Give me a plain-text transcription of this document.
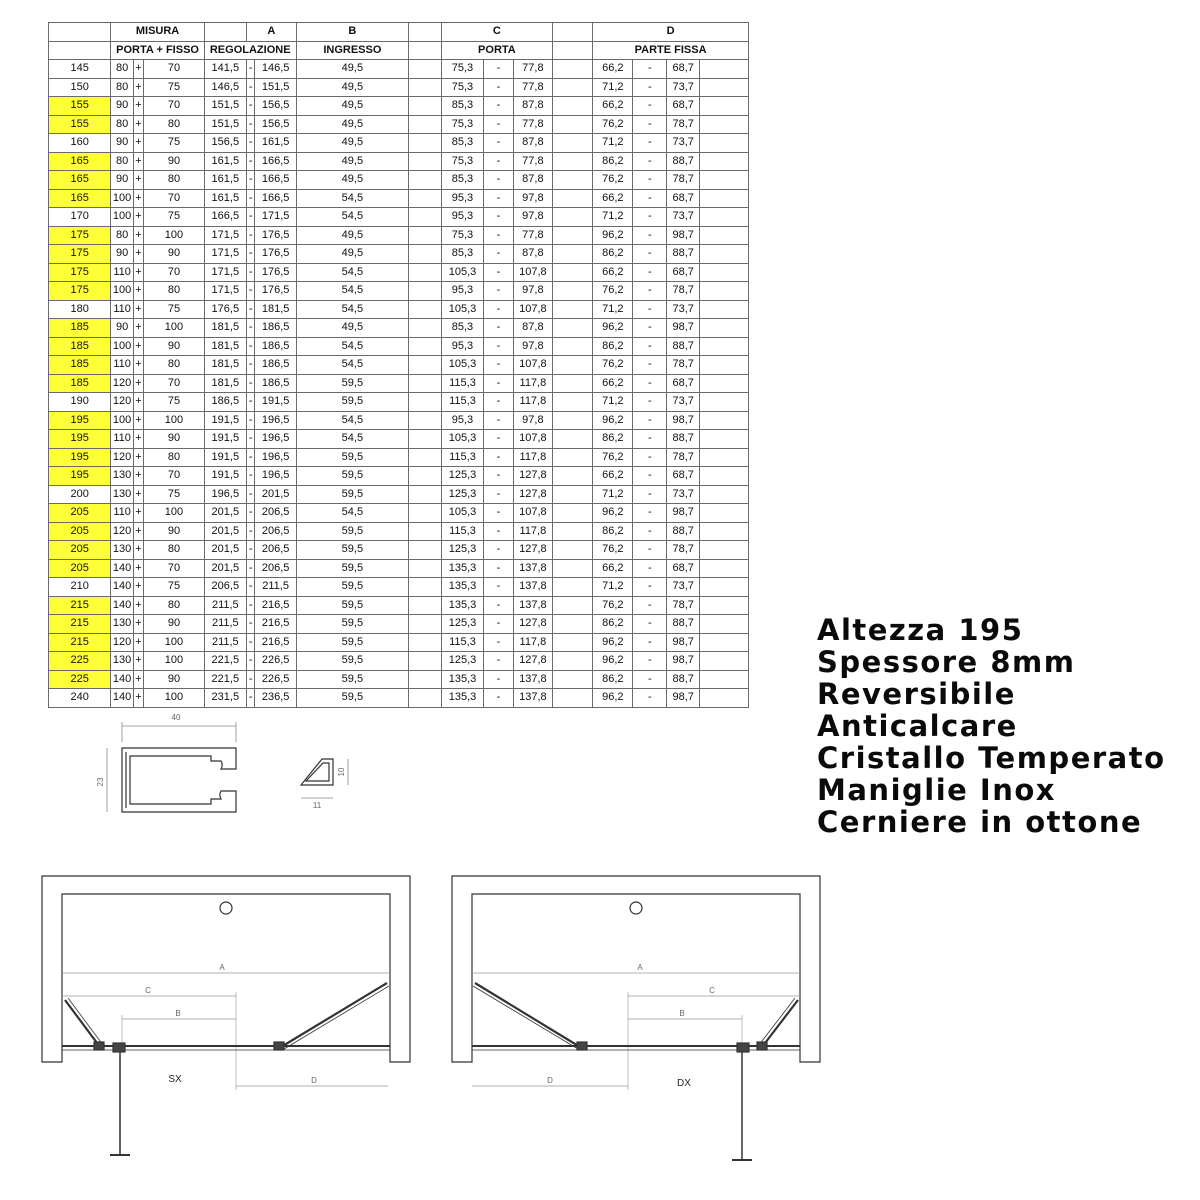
	MISURA				A		B		C				D			
	PORTA + FISSO			REGOLAZIONE			INGRESSO		PORTA				PARTE FISSA			
145	80	+	70	141,5	-	146,5	49,5		75,3	-	77,8		66,2	-	68,7	
150	80	+	75	146,5	-	151,5	49,5		75,3	-	77,8		71,2	-	73,7	
155	90	+	70	151,5	-	156,5	49,5		85,3	-	87,8		66,2	-	68,7	
155	80	+	80	151,5	-	156,5	49,5		75,3	-	77,8		76,2	-	78,7	
160	90	+	75	156,5	-	161,5	49,5		85,3	-	87,8		71,2	-	73,7	
165	80	+	90	161,5	-	166,5	49,5		75,3	-	77,8		86,2	-	88,7	
165	90	+	80	161,5	-	166,5	49,5		85,3	-	87,8		76,2	-	78,7	
165	100	+	70	161,5	-	166,5	54,5		95,3	-	97,8		66,2	-	68,7	
170	100	+	75	166,5	-	171,5	54,5		95,3	-	97,8		71,2	-	73,7	
175	80	+	100	171,5	-	176,5	49,5		75,3	-	77,8		96,2	-	98,7	
175	90	+	90	171,5	-	176,5	49,5		85,3	-	87,8		86,2	-	88,7	
175	110	+	70	171,5	-	176,5	54,5		105,3	-	107,8		66,2	-	68,7	
175	100	+	80	171,5	-	176,5	54,5		95,3	-	97,8		76,2	-	78,7	
180	110	+	75	176,5	-	181,5	54,5		105,3	-	107,8		71,2	-	73,7	
185	90	+	100	181,5	-	186,5	49,5		85,3	-	87,8		96,2	-	98,7	
185	100	+	90	181,5	-	186,5	54,5		95,3	-	97,8		86,2	-	88,7	
185	110	+	80	181,5	-	186,5	54,5		105,3	-	107,8		76,2	-	78,7	
185	120	+	70	181,5	-	186,5	59,5		115,3	-	117,8		66,2	-	68,7	
190	120	+	75	186,5	-	191,5	59,5		115,3	-	117,8		71,2	-	73,7	
195	100	+	100	191,5	-	196,5	54,5		95,3	-	97,8		96,2	-	98,7	
195	110	+	90	191,5	-	196,5	54,5		105,3	-	107,8		86,2	-	88,7	
195	120	+	80	191,5	-	196,5	59,5		115,3	-	117,8		76,2	-	78,7	
195	130	+	70	191,5	-	196,5	59,5		125,3	-	127,8		66,2	-	68,7	
200	130	+	75	196,5	-	201,5	59,5		125,3	-	127,8		71,2	-	73,7	
205	110	+	100	201,5	-	206,5	54,5		105,3	-	107,8		96,2	-	98,7	
205	120	+	90	201,5	-	206,5	59,5		115,3	-	117,8		86,2	-	88,7	
205	130	+	80	201,5	-	206,5	59,5		125,3	-	127,8		76,2	-	78,7	
205	140	+	70	201,5	-	206,5	59,5		135,3	-	137,8		66,2	-	68,7	
210	140	+	75	206,5	-	211,5	59,5		135,3	-	137,8		71,2	-	73,7	
215	140	+	80	211,5	-	216,5	59,5		135,3	-	137,8		76,2	-	78,7	
215	130	+	90	211,5	-	216,5	59,5		125,3	-	127,8		86,2	-	88,7	
215	120	+	100	211,5	-	216,5	59,5		115,3	-	117,8		96,2	-	98,7	
225	130	+	100	221,5	-	226,5	59,5		125,3	-	127,8		96,2	-	98,7	
225	140	+	90	221,5	-	226,5	59,5		135,3	-	137,8		86,2	-	88,7	
240	140	+	100	231,5	-	236,5	59,5		135,3	-	137,8		96,2	-	98,7	
Altezza 195
Spessore 8mm
Reversibile
Anticalcare
Cristallo Temperato
Maniglie Inox
Cerniere in ottone
40
23
10
11
A
C
B
D
SX
A
C
B
D	DX
